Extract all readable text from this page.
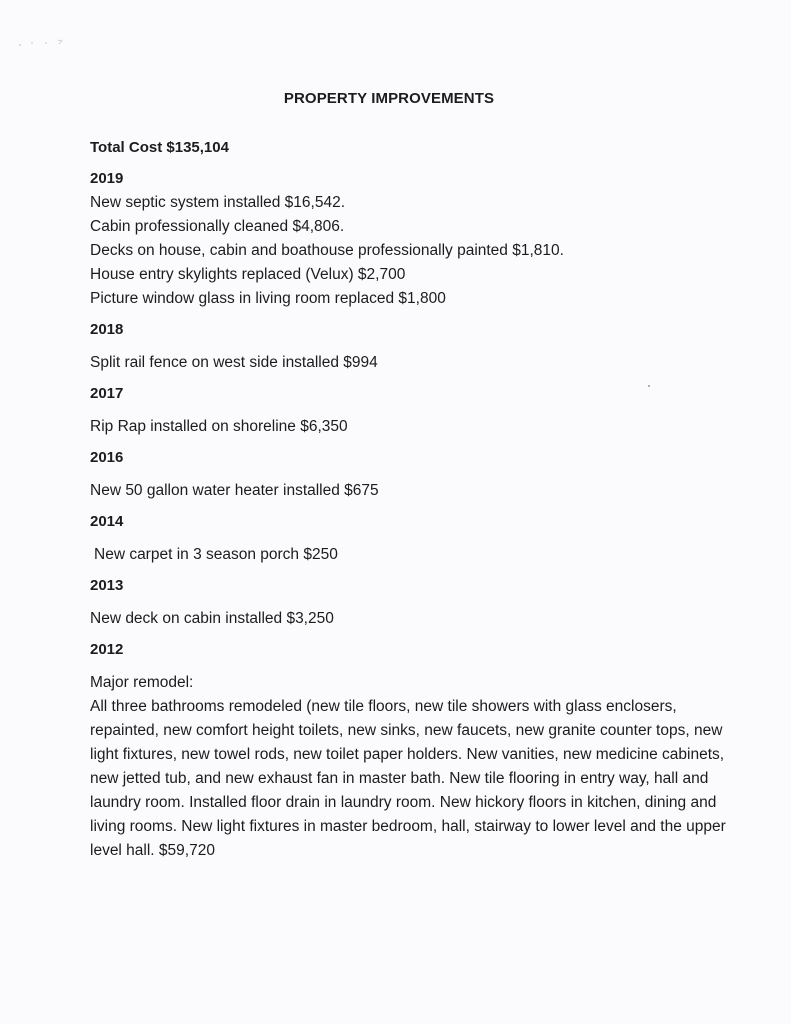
PROPERTY IMPROVEMENTS

Total Cost $135,104

2019

New septic system installed $16,542.

Cabin professionally cleaned $4,806.

Decks on house, cabin and boathouse professionally painted $1,810.

House entry skylights replaced (Velux) $2,700

Picture window glass in living room replaced $1,800

2018

Split rail fence on west side installed $994

2017

Rip Rap installed on shoreline $6,350

2016

New 50 gallon water heater installed $675

2014

New carpet in 3 season porch $250

2013

New deck on cabin installed $3,250

2012

Major remodel:

All three bathrooms remodeled (new tile floors, new tile showers with glass enclosers, repainted, new comfort height toilets, new sinks, new faucets, new granite counter tops, new light fixtures, new towel rods, new toilet paper holders. New vanities, new medicine cabinets, new jetted tub, and new exhaust fan in master bath. New tile flooring in entry way, hall and laundry room. Installed floor drain in laundry room. New hickory floors in kitchen, dining and living rooms. New light fixtures in master bedroom, hall, stairway to lower level and the upper level hall. $59,720
